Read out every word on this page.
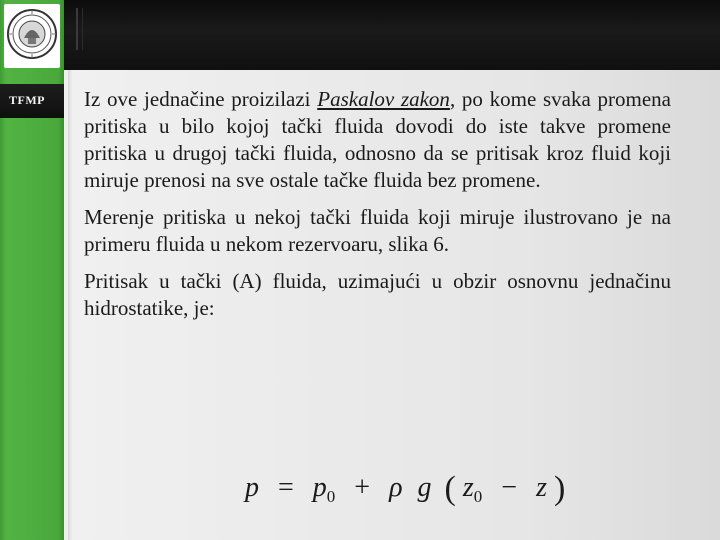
TFMP Iz ove jednačine proizilazi Paskalov zakon, po kome svaka promena pritiska u bilo kojoj tački fluida dovodi do iste takve promene pritiska u drugoj tački fluida, odnosno da se pritisak kroz fluid koji miruje prenosi na sve ostale tačke fluida bez promene.

Merenje pritiska u nekoj tački fluida koji miruje ilustrovano je na primeru fluida u nekom rezervoaru, slika 6.

Pritisak u tački (A) fluida, uzimajući u obzir osnovnu jednačinu hidrostatike, je:

p = p0 + ρ g ( z0 − z )
